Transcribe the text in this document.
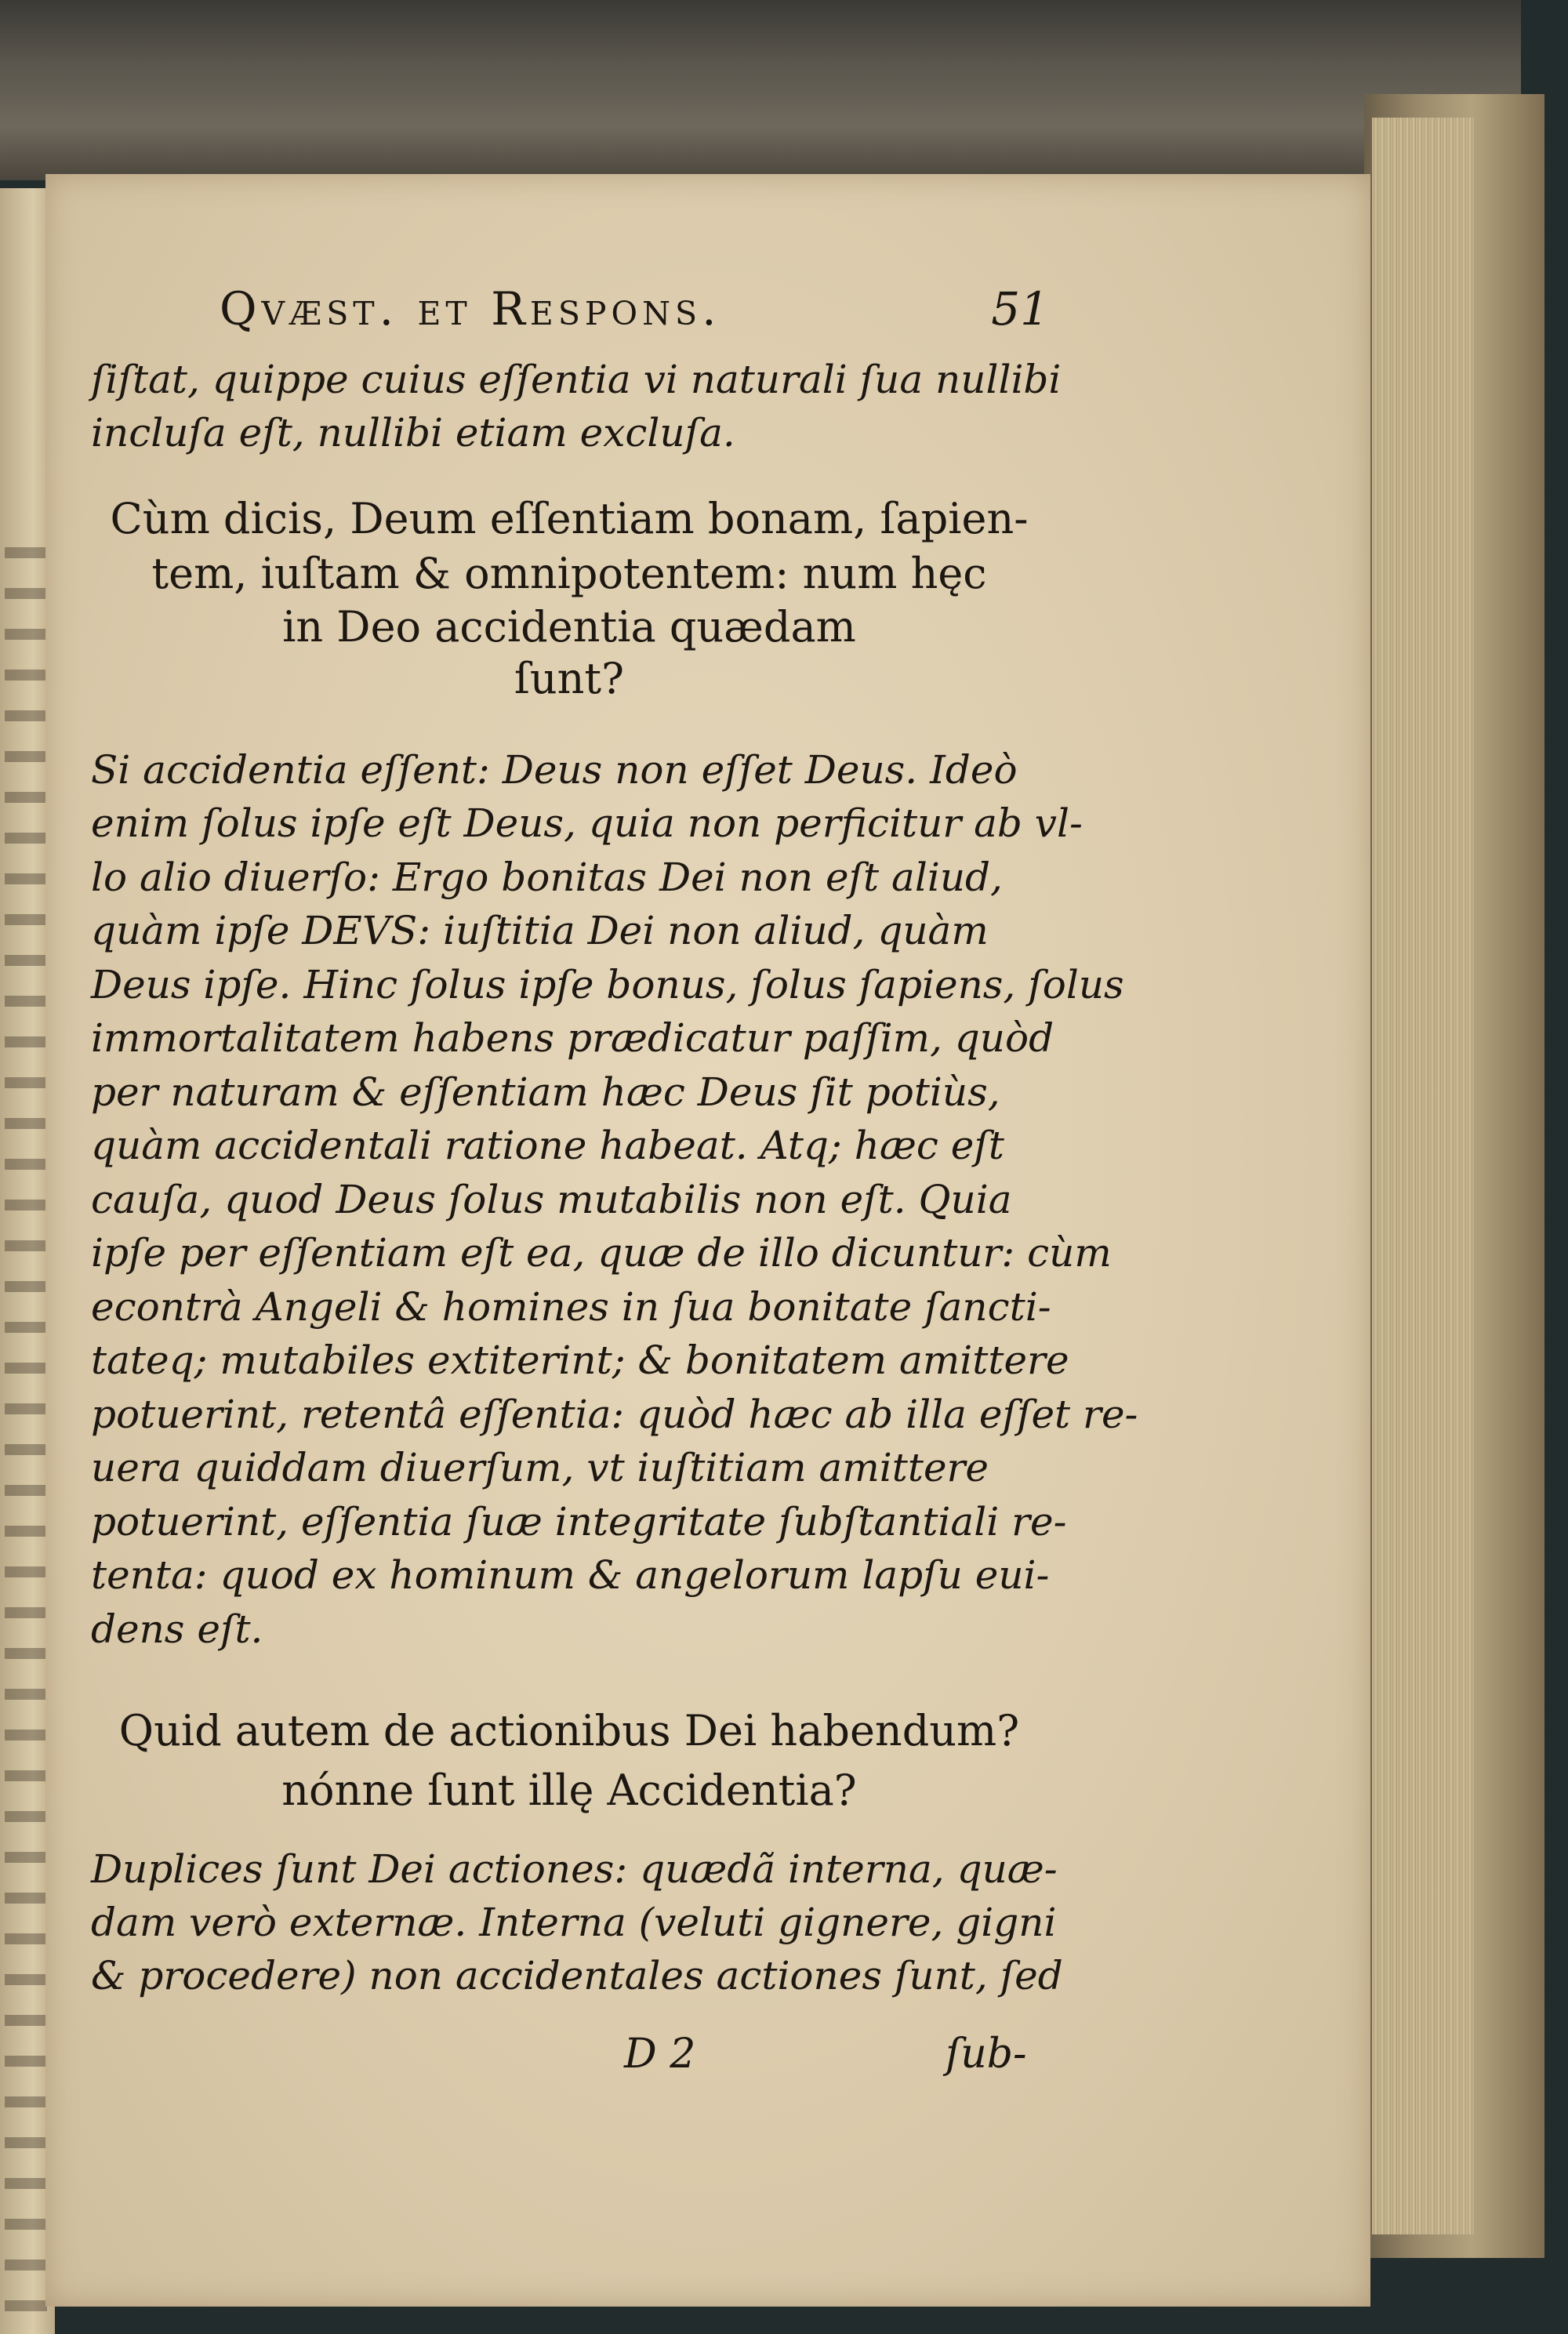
Qvæst. et Respons.	51
ſiſtat, quippe cuius eſſentia vi naturali ſua nullibi
incluſa eſt, nullibi etiam excluſa.
Cùm dicis, Deum eſſentiam bonam, ſapien-
tem, iuſtam & omnipotentem: num hęc
in Deo accidentia quædam
ſunt?
Si accidentia eſſent: Deus non eſſet Deus. Ideò
enim ſolus ipſe eſt Deus, quia non perficitur ab vl-
lo alio diuerſo: Ergo bonitas Dei non eſt aliud,
quàm ipſe DEVS: iuſtitia Dei non aliud, quàm
Deus ipſe. Hinc ſolus ipſe bonus, ſolus ſapiens, ſolus
immortalitatem habens prædicatur paſſim, quòd
per naturam & eſſentiam hæc Deus ſit potiùs,
quàm accidentali ratione habeat. Atq; hæc eſt
cauſa, quod Deus ſolus mutabilis non eſt. Quia
ipſe per eſſentiam eſt ea, quæ de illo dicuntur: cùm
econtrà Angeli & homines in ſua bonitate ſancti-
tateq; mutabiles extiterint; & bonitatem amittere
potuerint, retentâ eſſentia: quòd hæc ab illa eſſet re-
uera quiddam diuerſum, vt iuſtitiam amittere
potuerint, eſſentia ſuæ integritate ſubſtantiali re-
tenta: quod ex hominum & angelorum lapſu eui-
dens eſt.
Quid autem de actionibus Dei habendum?
nónne ſunt illę Accidentia?
Duplices ſunt Dei actiones: quædã interna, quæ-
dam verò externæ. Interna (veluti gignere, gigni
& procedere) non accidentales actiones ſunt, ſed
D 2	ſub-
